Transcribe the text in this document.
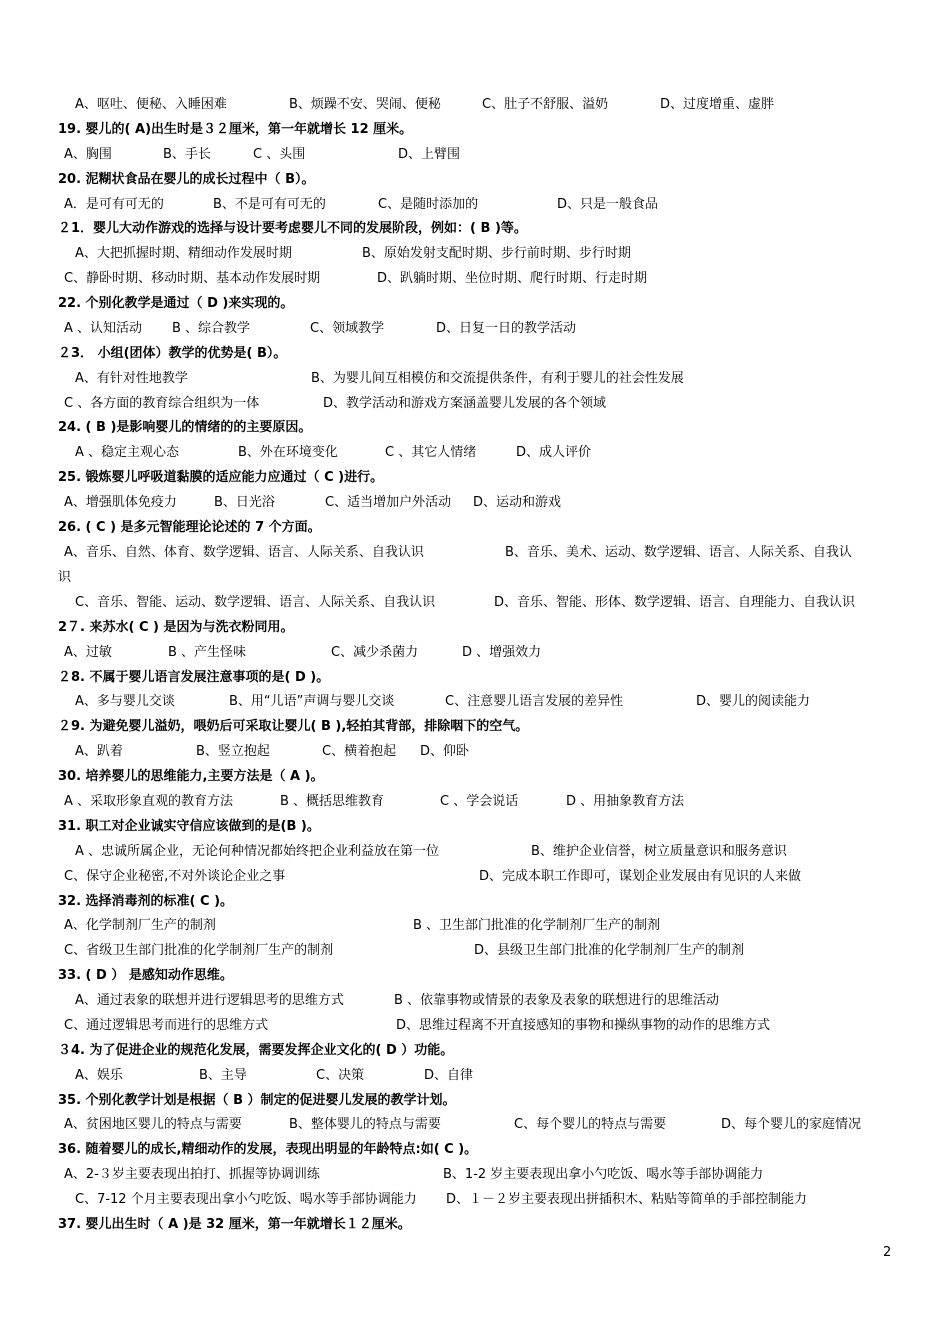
A、呕吐、便秘、入睡困难	B、烦躁不安、哭闹、便秘	C、肚子不舒服、溢奶	D、过度增重、虚胖
19. 婴儿的( A)出生时是３２厘米，第一年就增长 12 厘米。
A、胸围	B、手长	C 、头围	D、上臂围
20. 泥糊状食品在婴儿的成长过程中（ B）。
A．是可有可无的	B、不是可有可无的	C、是随时添加的	D、只是一般食品
２1．婴儿大动作游戏的选择与设计要考虑婴儿不同的发展阶段，例如：( B )等。
A、大把抓握时期、精细动作发展时期	B、原始发射支配时期、步行前时期、步行时期
C、静卧时期、移动时期、基本动作发展时期	D、趴躺时期、坐位时期、爬行时期、行走时期
22. 个别化教学是通过（ D )来实现的。
A 、认知活动 B 、综合教学	C、领域教学	D、日复一日的教学活动
２3． 小组(团体）教学的优势是( B）。
A、有针对性地教学	B、为婴儿间互相模仿和交流提供条件，有利于婴儿的社会性发展
C 、各方面的教育综合组织为一体	D、教学活动和游戏方案涵盖婴儿发展的各个领域
24. ( B )是影响婴儿的情绪的的主要原因。
A 、稳定主观心态	B、外在环境变化	C 、其它人情绪	D、成人评价
25. 锻炼婴儿呼吸道黏膜的适应能力应通过（ C )进行。
A、增强肌体免疫力	B、日光浴	C、适当增加户外活动 D、运动和游戏
26. ( C ) 是多元智能理论论述的 7 个方面。
A、音乐、自然、体育、数学逻辑、语言、人际关系、自我认识	B、音乐、美术、运动、数学逻辑、语言、人际关系、自我认
识
C、音乐、智能、运动、数学逻辑、语言、人际关系、自我认识	D、音乐、智能、形体、数学逻辑、语言、自理能力、自我认识
2７. 来苏水( C ) 是因为与洗衣粉同用。
A、过敏	B 、产生怪味	C、减少杀菌力	D 、增强效力
２8. 不属于婴儿语言发展注意事项的是( D )。
A、多与婴儿交谈	B、用“儿语”声调与婴儿交谈	C、注意婴儿语言发展的差异性	D、婴儿的阅读能力
２9. 为避免婴儿溢奶，喂奶后可采取让婴儿( B ),轻拍其背部，排除咽下的空气。
A、趴着	B、竖立抱起	C、横着抱起 D、仰卧
30. 培养婴儿的思维能力,主要方法是（ A )。
A 、采取形象直观的教育方法	B 、概括思维教育	C 、学会说话	D 、用抽象教育方法
31. 职工对企业诚实守信应该做到的是(B )。
A 、忠诚所属企业，无论何种情况都始终把企业利益放在第一位	B、维护企业信誉，树立质量意识和服务意识
C、保守企业秘密,不对外谈论企业之事	D、完成本职工作即可，谋划企业发展由有见识的人来做
32. 选择消毒剂的标准( C )。
A、化学制剂厂生产的制剂	B 、卫生部门批准的化学制剂厂生产的制剂
C、省级卫生部门批准的化学制剂厂生产的制剂	D、县级卫生部门批准的化学制剂厂生产的制剂
33. ( D ） 是感知动作思维。
A、通过表象的联想并进行逻辑思考的思维方式	B 、依靠事物或情景的表象及表象的联想进行的思维活动
C、通过逻辑思考而进行的思维方式	D、思维过程离不开直接感知的事物和操纵事物的动作的思维方式
３4. 为了促进企业的规范化发展，需要发挥企业文化的( D ）功能。
A、娱乐	B、主导	C、决策	D、自律
35. 个别化教学计划是根据（ B ）制定的促进婴儿发展的教学计划。
A、贫困地区婴儿的特点与需要	B、整体婴儿的特点与需要	C、每个婴儿的特点与需要	D、每个婴儿的家庭情况
36. 随着婴儿的成长,精细动作的发展，表现出明显的年龄特点:如( C )。
A、2-３岁主要表现出拍打、抓握等协调训练	B、1-2 岁主要表现出拿小勺吃饭、喝水等手部协调能力
C、7-12 个月主要表现出拿小勺吃饭、喝水等手部协调能力 D、１－２岁主要表现出拼插积木、粘贴等简单的手部控制能力
37. 婴儿出生时（ A )是 32 厘米，第一年就增长１２厘米。
2
